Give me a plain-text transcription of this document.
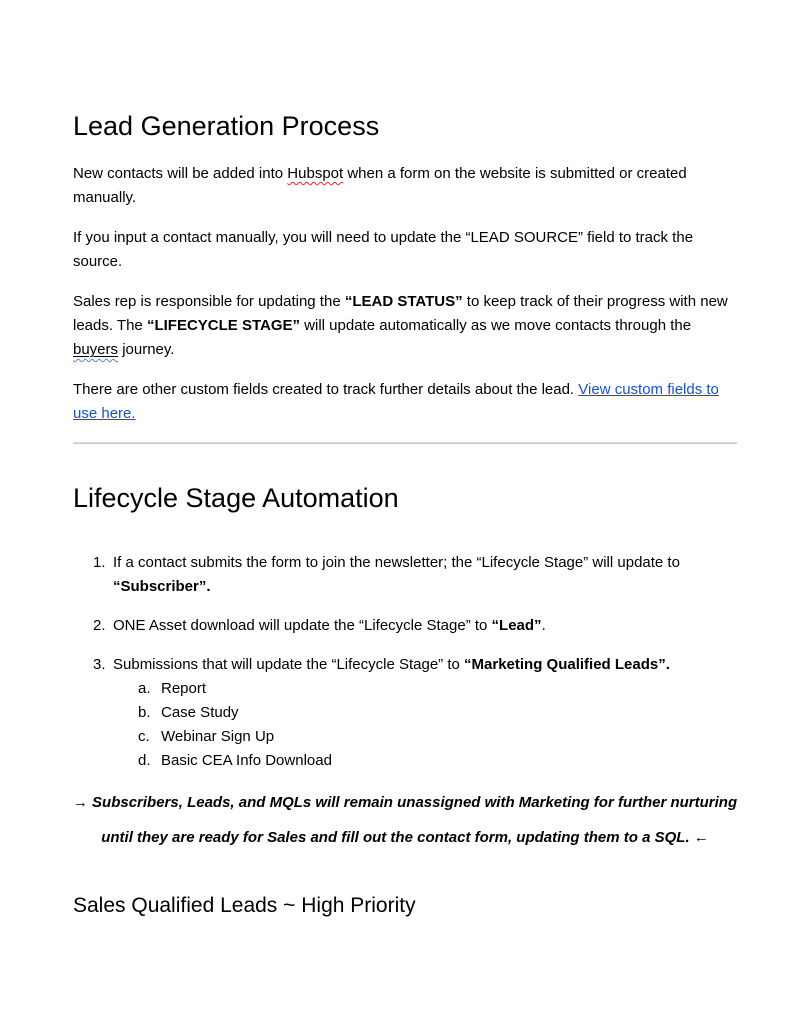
Lead Generation Process

New contacts will be added into Hubspot when a form on the website is submitted or created manually.

If you input a contact manually, you will need to update the “LEAD SOURCE” field to track the source.

Sales rep is responsible for updating the “LEAD STATUS” to keep track of their progress with new leads. The “LIFECYCLE STAGE” will update automatically as we move contacts through the buyers journey.

There are other custom fields created to track further details about the lead. View custom fields to use here.

Lifecycle Stage Automation
1. If a contact submits the form to join the newsletter; the “Lifecycle Stage” will update to “Subscriber”.
2. ONE Asset download will update the “Lifecycle Stage” to “Lead”.
3. Submissions that will update the “Lifecycle Stage” to “Marketing Qualified Leads”.
a. Report
b. Case Study
c. Webinar Sign Up
d. Basic CEA Info Download

→ Subscribers, Leads, and MQLs will remain unassigned with Marketing for further nurturing until they are ready for Sales and fill out the contact form, updating them to a SQL. ←

Sales Qualified Leads ~ High Priority
